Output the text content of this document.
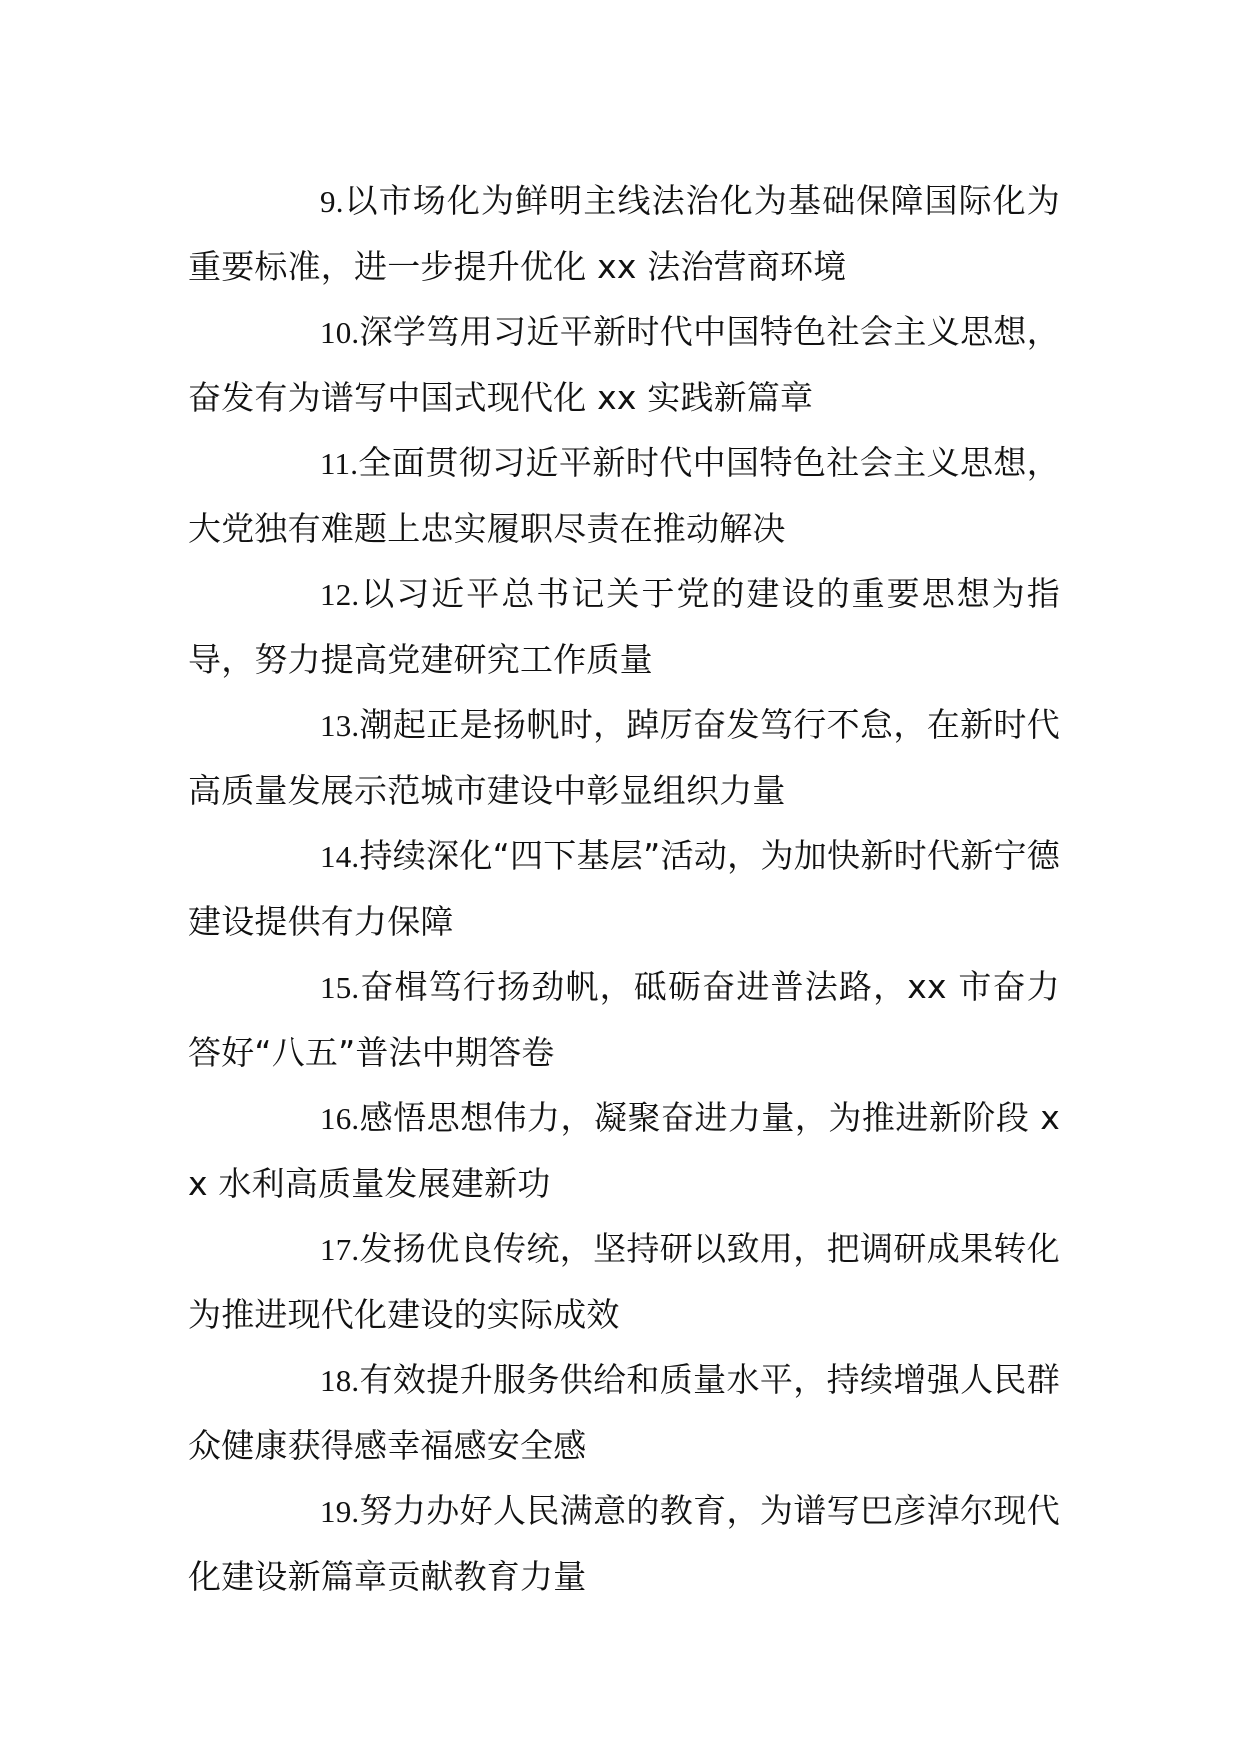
9.以市场化为鲜明主线法治化为基础保障国际化为重要标准，进一步提升优化 xx 法治营商环境

10.深学笃用习近平新时代中国特色社会主义思想，奋发有为谱写中国式现代化 xx 实践新篇章

11.全面贯彻习近平新时代中国特色社会主义思想，大党独有难题上忠实履职尽责在推动解决

12.以习近平总书记关于党的建设的重要思想为指导，努力提高党建研究工作质量

13.潮起正是扬帆时，踔厉奋发笃行不怠，在新时代高质量发展示范城市建设中彰显组织力量

14.持续深化“四下基层”活动，为加快新时代新宁德建设提供有力保障

15.奋楫笃行扬劲帆，砥砺奋进普法路，xx 市奋力答好“八五”普法中期答卷

16.感悟思想伟力，凝聚奋进力量，为推进新阶段 xx 水利高质量发展建新功

17.发扬优良传统，坚持研以致用，把调研成果转化为推进现代化建设的实际成效

18.有效提升服务供给和质量水平，持续增强人民群众健康获得感幸福感安全感

19.努力办好人民满意的教育，为谱写巴彦淖尔现代化建设新篇章贡献教育力量
